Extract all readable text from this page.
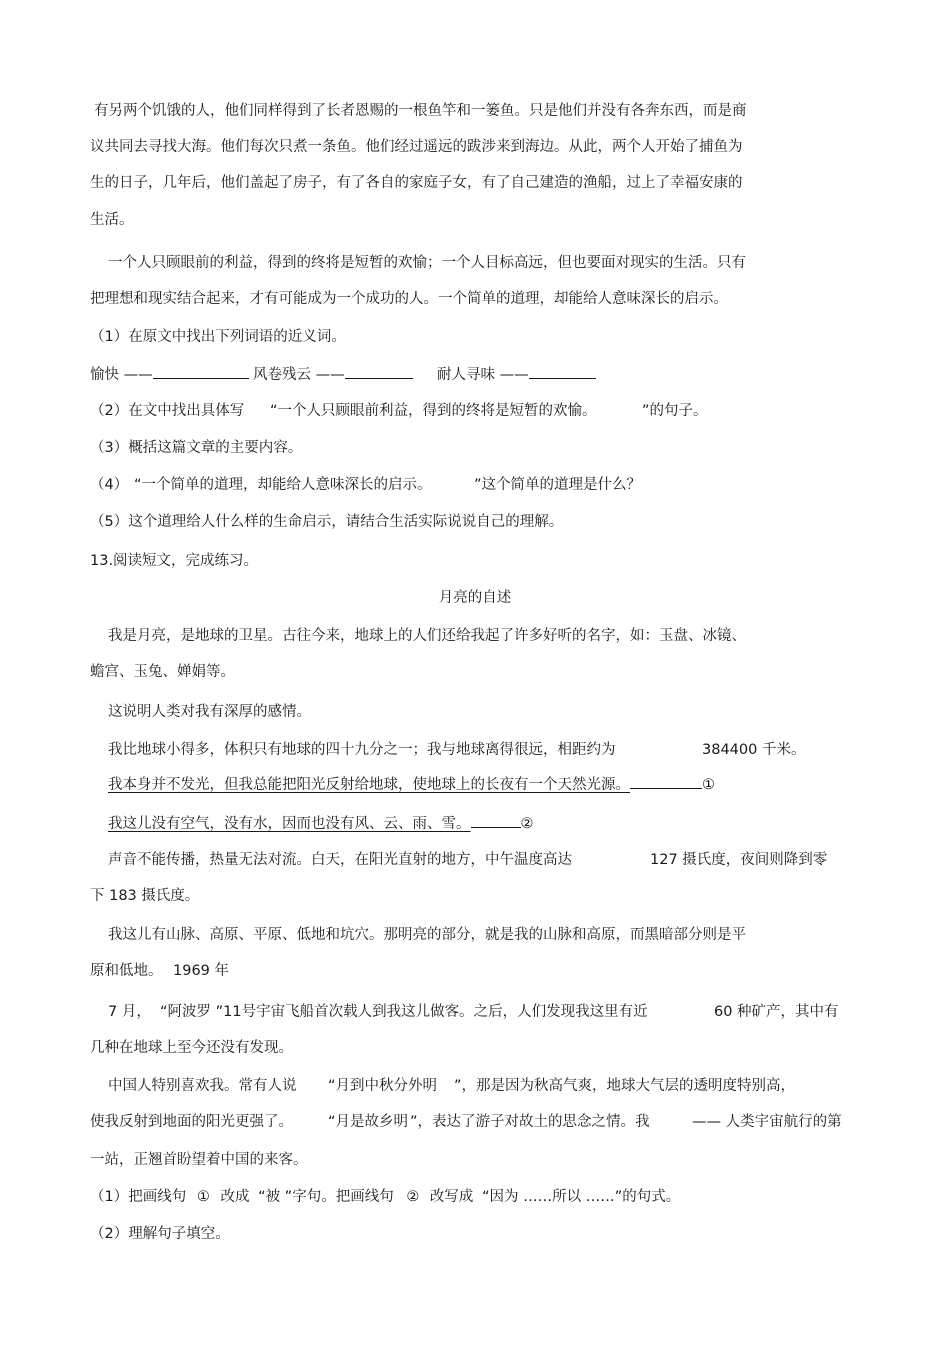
有另两个饥饿的人，他们同样得到了长者恩赐的一根鱼竿和一篓鱼。只是他们并没有各奔东西，而是商
议共同去寻找大海。他们每次只煮一条鱼。他们经过遥远的跋涉来到海边。从此，两个人开始了捕鱼为
生的日子，几年后，他们盖起了房子，有了各自的家庭子女，有了自己建造的渔船，过上了幸福安康的
生活。
一个人只顾眼前的利益，得到的终将是短暂的欢愉；一个人目标高远，但也要面对现实的生活。只有
把理想和现实结合起来，才有可能成为一个成功的人。一个简单的道理，却能给人意味深长的启示。
（1）在原文中找出下列词语的近义词。
愉快 ——	风卷残云 ——	耐人寻味 ——
（2）在文中找出具体写 “一个人只顾眼前利益，得到的终将是短暂的欢愉。	”的句子。
（3）概括这篇文章的主要内容。
（4） “一个简单的道理，却能给人意味深长的启示。	”这个简单的道理是什么？
（5）这个道理给人什么样的生命启示，请结合生活实际说说自己的理解。
13.阅读短文，完成练习。
月亮的自述
我是月亮，是地球的卫星。古往今来，地球上的人们还给我起了许多好听的名字，如：玉盘、冰镜、
蟾宫、玉兔、婵娟等。
这说明人类对我有深厚的感情。
我比地球小得多，体积只有地球的四十九分之一；我与地球离得很远，相距约为	384400 千米。
我本身并不发光，但我总能把阳光反射给地球，使地球上的长夜有一个天然光源。	①
我这儿没有空气，没有水，因而也没有风、云、雨、雪。	②
声音不能传播，热量无法对流。白天，在阳光直射的地方，中午温度高达	127 摄氏度，夜间则降到零
下 183 摄氏度。
我这儿有山脉、高原、平原、低地和坑穴。那明亮的部分，就是我的山脉和高原，而黑暗部分则是平
原和低地。 1969 年
7 月， “阿波罗 ”11号宇宙飞船首次载人到我这儿做客。之后，人们发现我这里有近	60 种矿产，其中有
几种在地球上至今还没有发现。
中国人特别喜欢我。常有人说 “月到中秋分外明 ”，那是因为秋高气爽，地球大气层的透明度特别高，
使我反射到地面的阳光更强了。 “月是故乡明 ”，表达了游子对故土的思念之情。我	—— 人类宇宙航行的第
一站，正翘首盼望着中国的来客。
（1）把画线句 ① 改成 “被 ”字句。把画线句 ② 改写成 “因为 ……所以 ……”的句式。
（2）理解句子填空。
